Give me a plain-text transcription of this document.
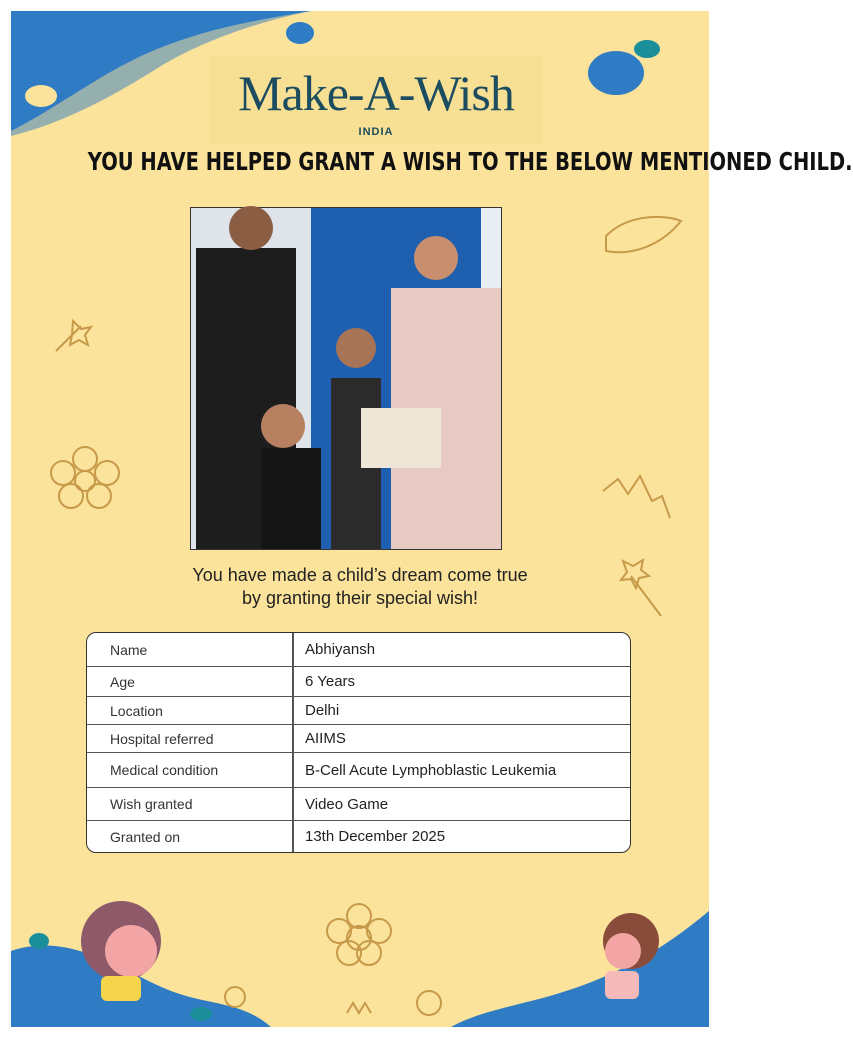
Make-A-Wish
INDIA
YOU HAVE HELPED GRANT A WISH TO THE BELOW MENTIONED CHILD.
You have made a child’s dream come true
by granting their special wish!
Name	Abhiyansh
Age	6 Years
Location	Delhi
Hospital referred	AIIMS
Medical condition	B-Cell Acute Lymphoblastic Leukemia
Wish granted	Video Game
Granted on	13th December 2025
